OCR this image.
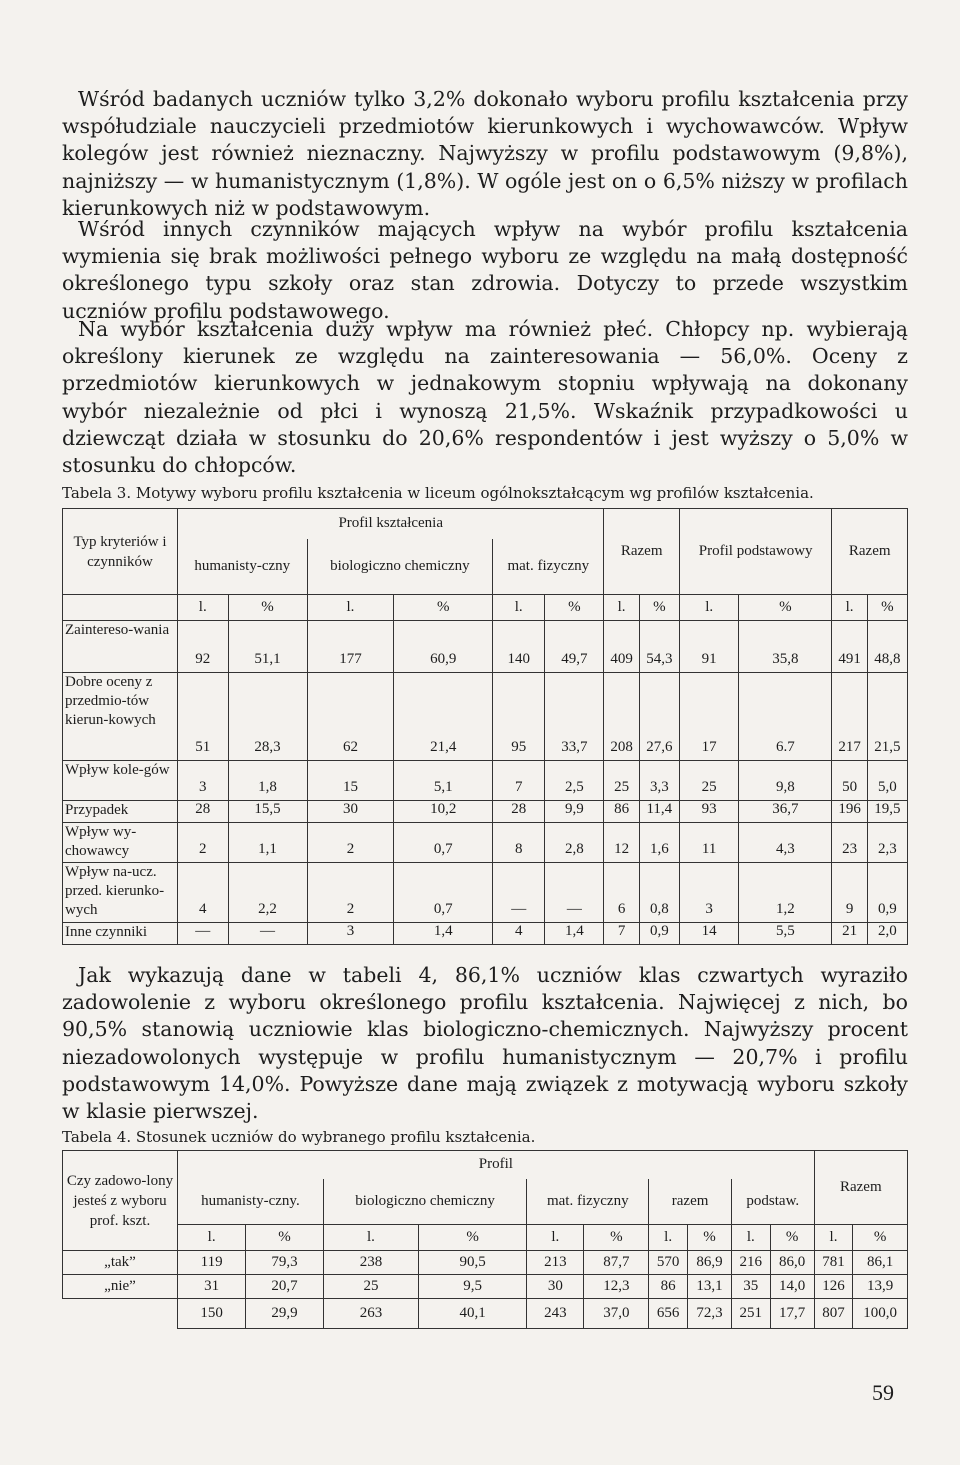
Wśród badanych uczniów tylko 3,2% dokonało wyboru profilu kształcenia przy współudziale nauczycieli przedmiotów kierunkowych i wychowawców. Wpływ kolegów jest również nieznaczny. Najwyższy w profilu podstawowym (9,8%), najniższy — w humanistycznym (1,8%). W ogóle jest on o 6,5% niższy w profilach kierunkowych niż w podstawowym.

Wśród innych czynników mających wpływ na wybór profilu kształcenia wymienia się brak możliwości pełnego wyboru ze względu na małą dostępność określonego typu szkoły oraz stan zdrowia. Dotyczy to przede wszystkim uczniów profilu podstawowego.

Na wybór kształcenia duży wpływ ma również płeć. Chłopcy np. wybierają określony kierunek ze względu na zainteresowania — 56,0%. Oceny z przedmiotów kierunkowych w jednakowym stopniu wpływają na dokonany wybór niezależnie od płci i wynoszą 21,5%. Wskaźnik przypadkowości u dziewcząt działa w stosunku do 20,6% respondentów i jest wyższy o 5,0% w stosunku do chłopców.

Tabela 3. Motywy wyboru profilu kształcenia w liceum ogólnokształcącym wg profilów kształcenia.

Typ kryteriów i czynników	Profil kształcenia						Razem		Profil podstawowy		Razem	
	humanisty-czny		biologiczno chemiczny		mat. fizyczny							
	l.	%	l.	%	l.	%	l.	%	l.	%	l.	%
Zaintereso-wania	92	51,1	177	60,9	140	49,7	409	54,3	91	35,8	491	48,8
Dobre oceny z przedmio-tów kierun-kowych	51	28,3	62	21,4	95	33,7	208	27,6	17	6.7	217	21,5
Wpływ kole-gów	3	1,8	15	5,1	7	2,5	25	3,3	25	9,8	50	5,0
Przypadek	28	15,5	30	10,2	28	9,9	86	11,4	93	36,7	196	19,5
Wpływ wy-chowawcy	2	1,1	2	0,7	8	2,8	12	1,6	11	4,3	23	2,3
Wpływ na-ucz. przed. kierunko-wych	4	2,2	2	0,7	—	—	6	0,8	3	1,2	9	0,9
Inne czynniki	—	—	3	1,4	4	1,4	7	0,9	14	5,5	21	2,0

Jak wykazują dane w tabeli 4, 86,1% uczniów klas czwartych wyraziło zadowolenie z wyboru określonego profilu kształcenia. Najwięcej z nich, bo 90,5% stanowią uczniowie klas biologiczno-chemicznych. Najwyższy procent niezadowolonych występuje w profilu humanistycznym — 20,7% i profilu podstawowym 14,0%. Powyższe dane mają związek z motywacją wyboru szkoły w klasie pierwszej.

Tabela 4. Stosunek uczniów do wybranego profilu kształcenia.

Czy zadowo-lony jesteś z wyboru prof. kszt.	Profil										Razem	
	humanisty-czny.		biologiczno chemiczny		mat. fizyczny		razem		podstaw.			
	l.	%	l.	%	l.	%	l.	%	l.	%	l.	%
„tak”	119	79,3	238	90,5	213	87,7	570	86,9	216	86,0	781	86,1
„nie”	31	20,7	25	9,5	30	12,3	86	13,1	35	14,0	126	13,9
	150	29,9	263	40,1	243	37,0	656	72,3	251	17,7	807	100,0
59
